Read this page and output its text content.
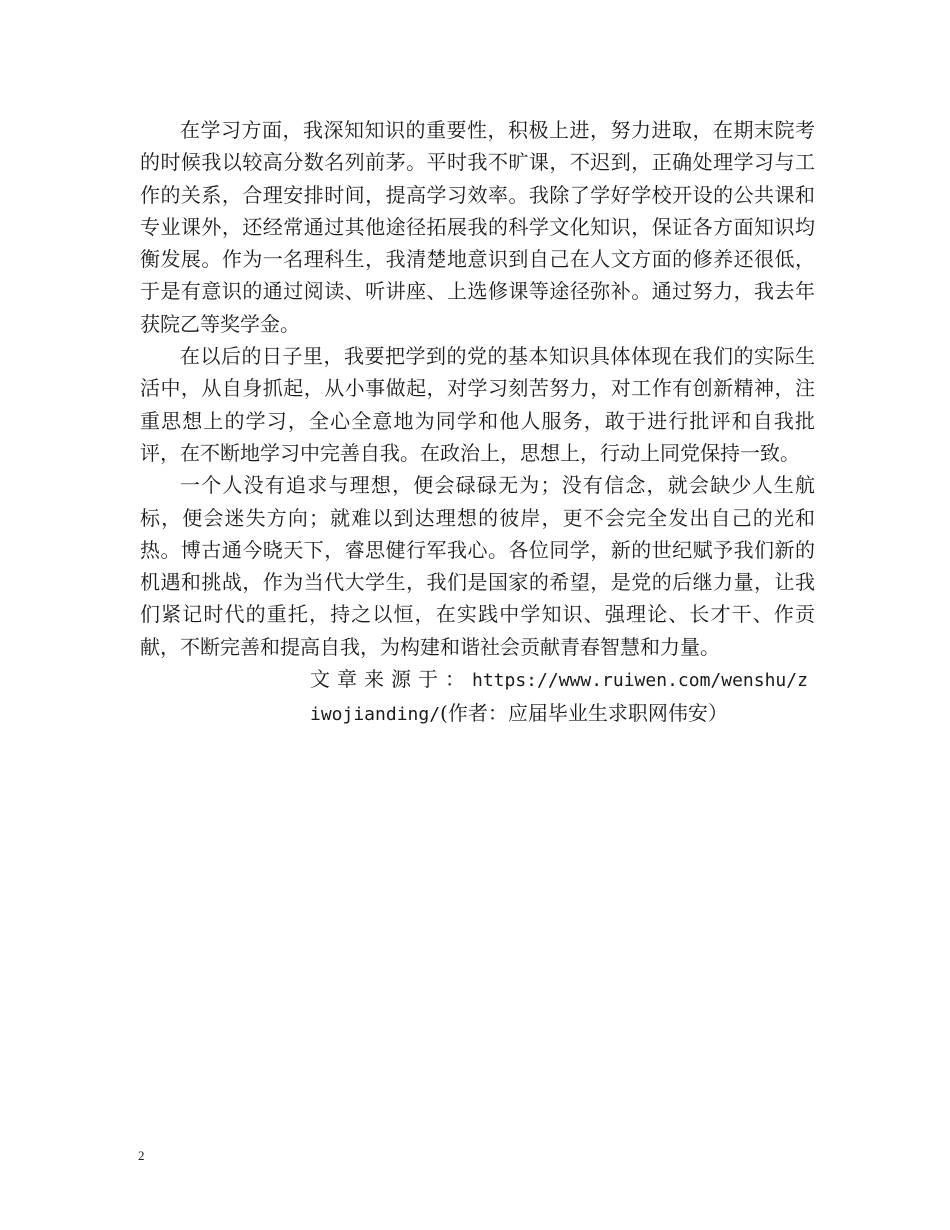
在学习方面，我深知知识的重要性，积极上进，努力进取，在期末院考的时候我以较高分数名列前茅。平时我不旷课，不迟到，正确处理学习与工作的关系，合理安排时间，提高学习效率。我除了学好学校开设的公共课和专业课外，还经常通过其他途径拓展我的科学文化知识，保证各方面知识均衡发展。作为一名理科生，我清楚地意识到自己在人文方面的修养还很低，于是有意识的通过阅读、听讲座、上选修课等途径弥补。通过努力，我去年获院乙等奖学金。

在以后的日子里，我要把学到的党的基本知识具体体现在我们的实际生活中，从自身抓起，从小事做起，对学习刻苦努力，对工作有创新精神，注重思想上的学习，全心全意地为同学和他人服务，敢于进行批评和自我批评，在不断地学习中完善自我。在政治上，思想上，行动上同党保持一致。

一个人没有追求与理想，便会碌碌无为；没有信念，就会缺少人生航标，便会迷失方向；就难以到达理想的彼岸，更不会完全发出自己的光和热。博古通今晓天下，睿思健行军我心。各位同学，新的世纪赋予我们新的机遇和挑战，作为当代大学生，我们是国家的希望，是党的后继力量，让我们紧记时代的重托，持之以恒，在实践中学知识、强理论、长才干、作贡献，不断完善和提高自我，为构建和谐社会贡献青春智慧和力量。

文章来源于：https://www.ruiwen.com/wenshu/ziwojianding/(作者：应届毕业生求职网伟安）

2
